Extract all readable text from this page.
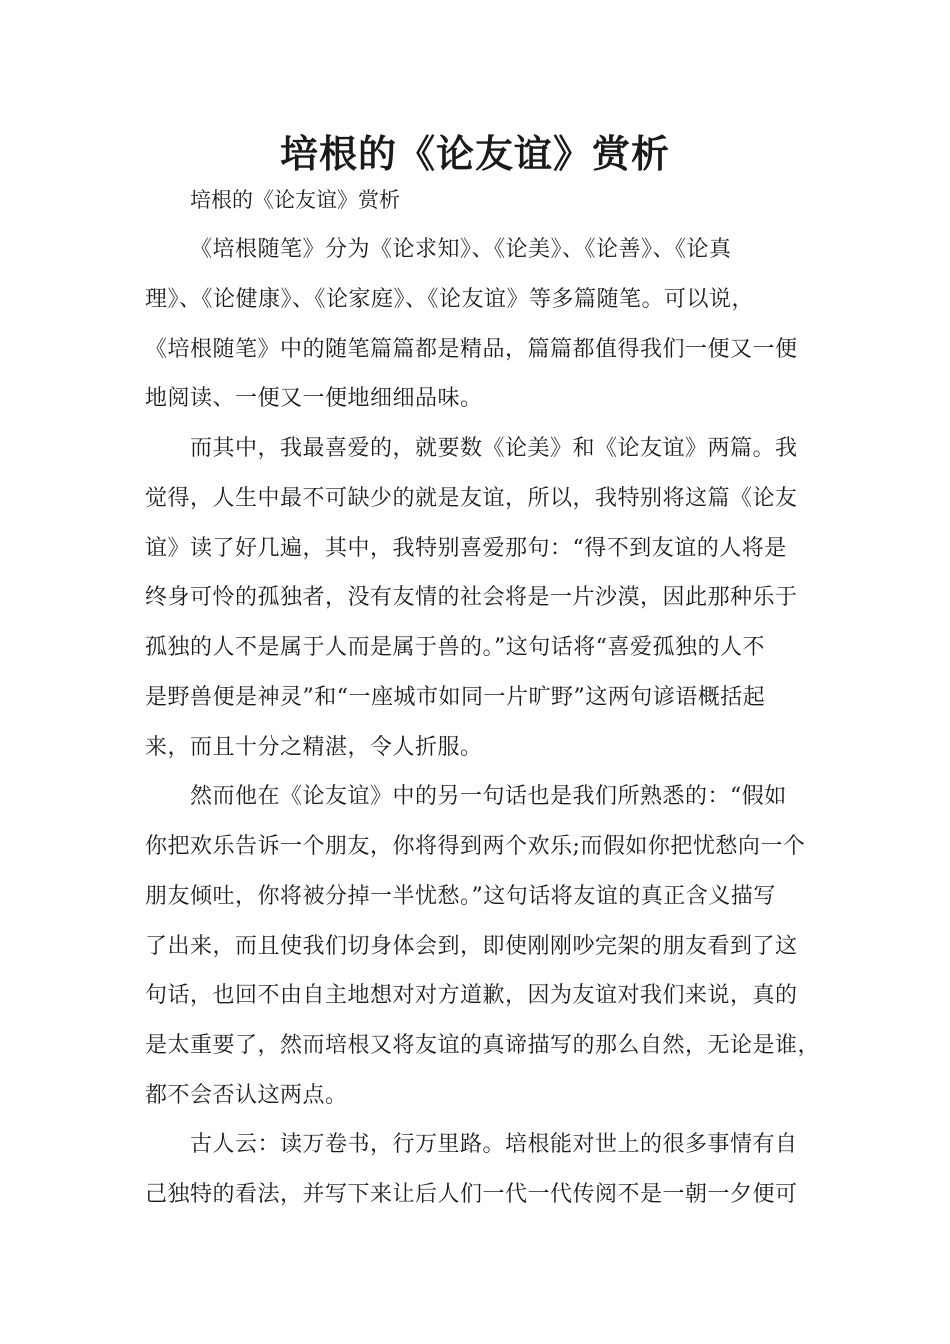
培根的《论友谊》赏析
培根的《论友谊》赏析
《培根随笔》分为《论求知》、《论美》、《论善》、《论真
理》、《论健康》、《论家庭》、《论友谊》等多篇随笔。可以说，
《培根随笔》中的随笔篇篇都是精品，篇篇都值得我们一便又一便
地阅读、一便又一便地细细品味。
而其中，我最喜爱的，就要数《论美》和《论友谊》两篇。我
觉得，人生中最不可缺少的就是友谊，所以，我特别将这篇《论友
谊》读了好几遍，其中，我特别喜爱那句：“得不到友谊的人将是
终身可怜的孤独者，没有友情的社会将是一片沙漠，因此那种乐于
孤独的人不是属于人而是属于兽的。”这句话将“喜爱孤独的人不
是野兽便是神灵”和“一座城市如同一片旷野”这两句谚语概括起
来，而且十分之精湛，令人折服。
然而他在《论友谊》中的另一句话也是我们所熟悉的：“假如
你把欢乐告诉一个朋友，你将得到两个欢乐;而假如你把忧愁向一个
朋友倾吐，你将被分掉一半忧愁。”这句话将友谊的真正含义描写
了出来，而且使我们切身体会到，即使刚刚吵完架的朋友看到了这
句话，也回不由自主地想对对方道歉，因为友谊对我们来说，真的
是太重要了，然而培根又将友谊的真谛描写的那么自然，无论是谁，
都不会否认这两点。
古人云：读万卷书，行万里路。培根能对世上的很多事情有自
己独特的看法，并写下来让后人们一代一代传阅不是一朝一夕便可
